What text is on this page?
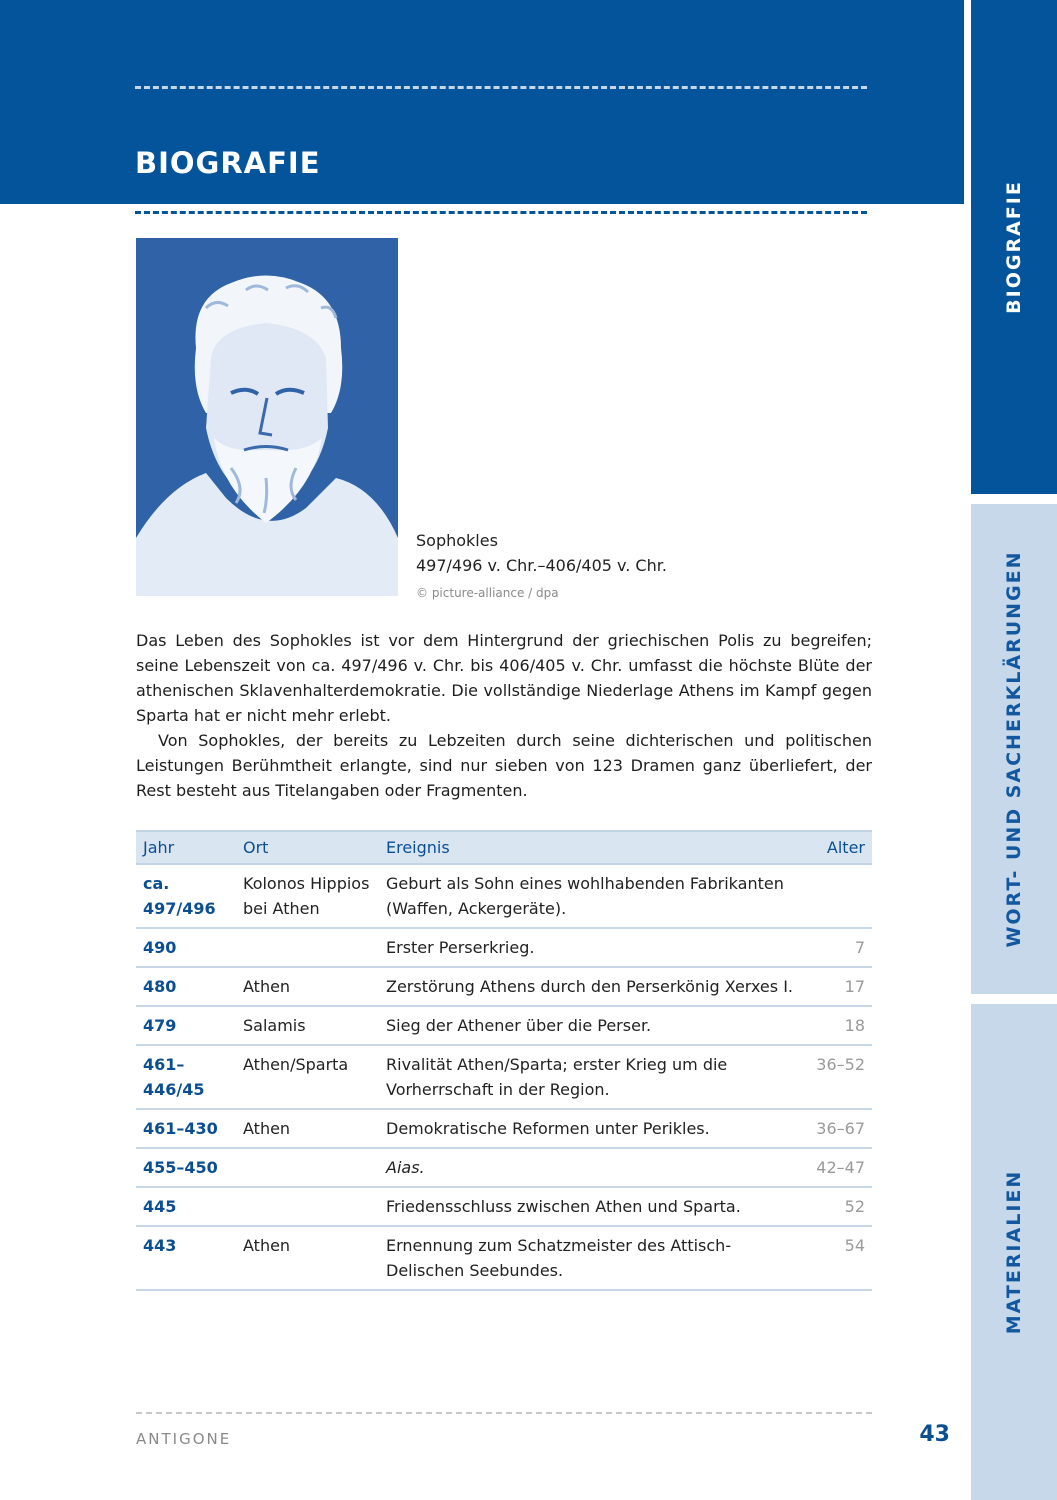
BIOGRAFIE
Sophokles
497/496 v. Chr.–406/405 v. Chr.
© picture-alliance / dpa

Das Leben des Sophokles ist vor dem Hintergrund der griechischen Polis zu begreifen; seine Lebenszeit von ca. 497/496 v. Chr. bis 406/405 v. Chr. umfasst die höchste Blüte der athenischen Sklavenhalterdemokratie. Die vollständige Niederlage Athens im Kampf gegen Sparta hat er nicht mehr erlebt.

Von Sophokles, der bereits zu Lebzeiten durch seine dichterischen und politischen Leistungen Berühmtheit erlangte, sind nur sieben von 123 Dramen ganz überliefert, der Rest besteht aus Titelangaben oder Fragmenten.

Jahr	Ort	Ereignis	Alter
ca. 497/496	Kolonos Hippios bei Athen	Geburt als Sohn eines wohlhabenden Fabrikanten (Waffen, Ackergeräte).	
490		Erster Perserkrieg.	7
480	Athen	Zerstörung Athens durch den Perserkönig Xerxes I.	17
479	Salamis	Sieg der Athener über die Perser.	18
461–446/45	Athen/Sparta	Rivalität Athen/Sparta; erster Krieg um die Vorherrschaft in der Region.	36–52
461–430	Athen	Demokratische Reformen unter Perikles.	36–67
455–450		Aias.	42–47
445		Friedensschluss zwischen Athen und Sparta.	52
443	Athen	Ernennung zum Schatzmeister des Attisch-Delischen Seebundes.	54

ANTIGONE	43
BIOGRAFIE
WORT- UND SACHERKLÄRUNGEN
MATERIALIEN
